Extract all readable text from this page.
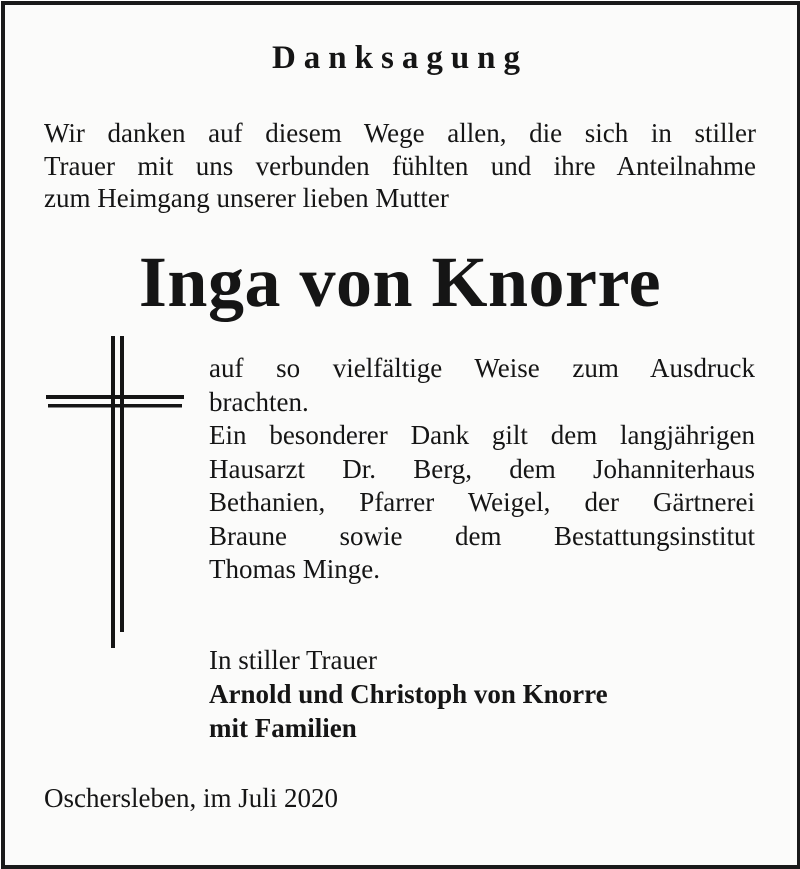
Danksagung

Wir danken auf diesem Wege allen, die sich in stiller
Trauer mit uns verbunden fühlten und ihre Anteilnahme
zum Heimgang unserer lieben Mutter

Inga von Knorre

auf so vielfältige Weise zum Ausdruck
brachten.
Ein besonderer Dank gilt dem langjährigen
Hausarzt Dr. Berg, dem Johanniterhaus
Bethanien, Pfarrer Weigel, der Gärtnerei
Braune sowie dem Bestattungsinstitut
Thomas Minge.

In stiller Trauer
Arnold und Christoph von Knorre
mit Familien

Oschersleben, im Juli 2020
